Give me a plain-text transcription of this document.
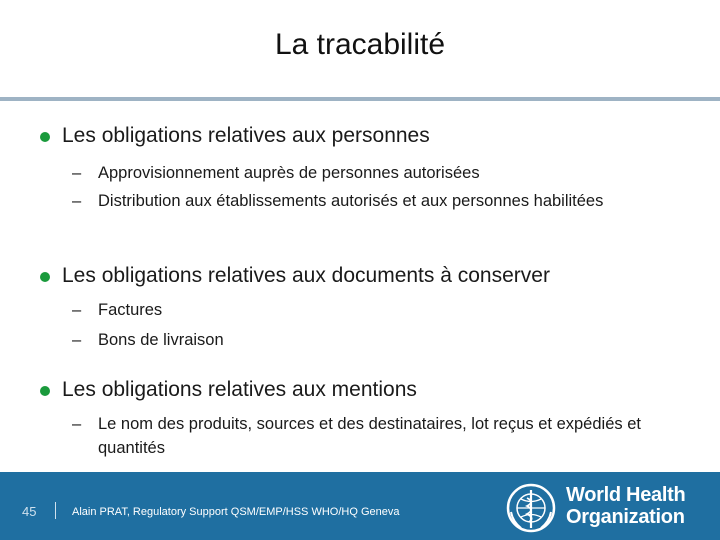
La tracabilité
Les obligations relatives aux personnes
– Approvisionnement auprès de personnes autorisées
– Distribution aux établissements autorisés et aux personnes habilitées
Les obligations relatives aux documents à conserver
– Factures
– Bons de livraison
Les obligations relatives aux mentions
– Le nom des produits, sources et des destinataires, lot reçus et expédiés et quantités
45	Alain PRAT, Regulatory Support QSM/EMP/HSS WHO/HQ Geneva
World Health
Organization
